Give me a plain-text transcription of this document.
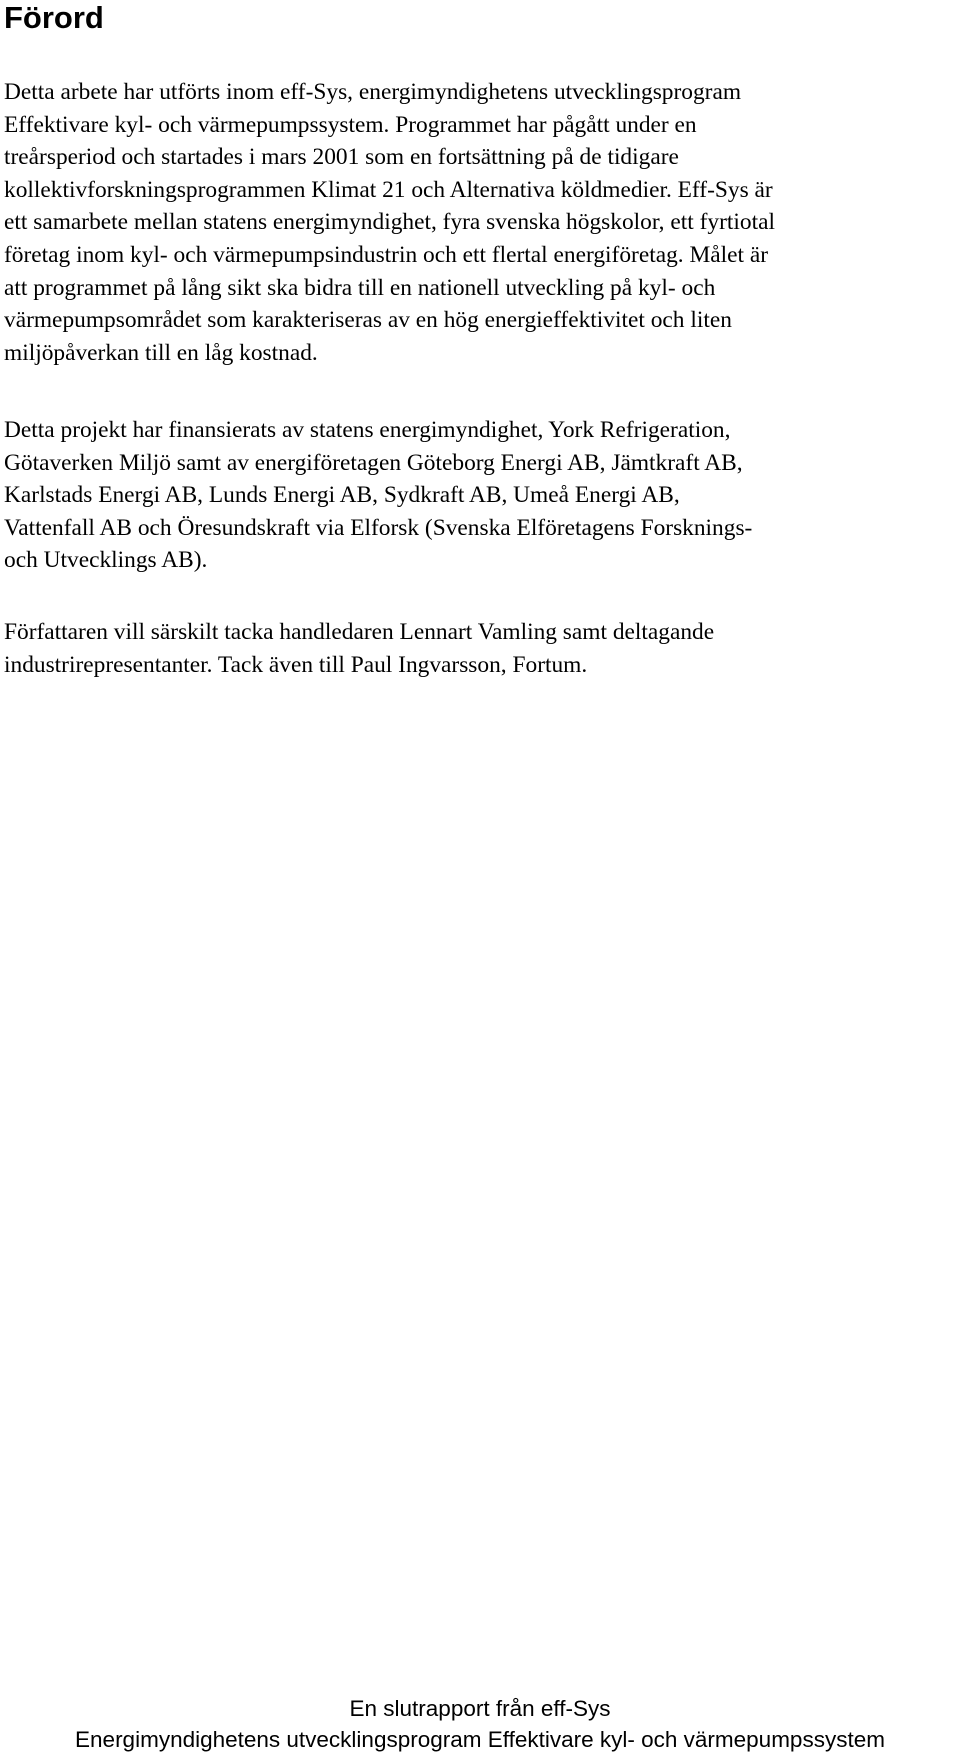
Förord

Detta arbete har utförts inom eff-Sys, energimyndighetens utvecklingsprogram
Effektivare kyl- och värmepumpssystem. Programmet har pågått under en
treårsperiod och startades i mars 2001 som en fortsättning på de tidigare
kollektivforskningsprogrammen Klimat 21 och Alternativa köldmedier. Eff-Sys är
ett samarbete mellan statens energimyndighet, fyra svenska högskolor, ett fyrtiotal
företag inom kyl- och värmepumpsindustrin och ett flertal energiföretag. Målet är
att programmet på lång sikt ska bidra till en nationell utveckling på kyl- och
värmepumpsområdet som karakteriseras av en hög energieffektivitet och liten
miljöpåverkan till en låg kostnad.

Detta projekt har finansierats av statens energimyndighet, York Refrigeration,
Götaverken Miljö samt av energiföretagen Göteborg Energi AB, Jämtkraft AB,
Karlstads Energi AB, Lunds Energi AB, Sydkraft AB, Umeå Energi AB,
Vattenfall AB och Öresundskraft via Elforsk (Svenska Elföretagens Forsknings-
och Utvecklings AB).

Författaren vill särskilt tacka handledaren Lennart Vamling samt deltagande
industrirepresentanter. Tack även till Paul Ingvarsson, Fortum.

En slutrapport från eff-Sys

Energimyndighetens utvecklingsprogram Effektivare kyl- och värmepumpssystem
